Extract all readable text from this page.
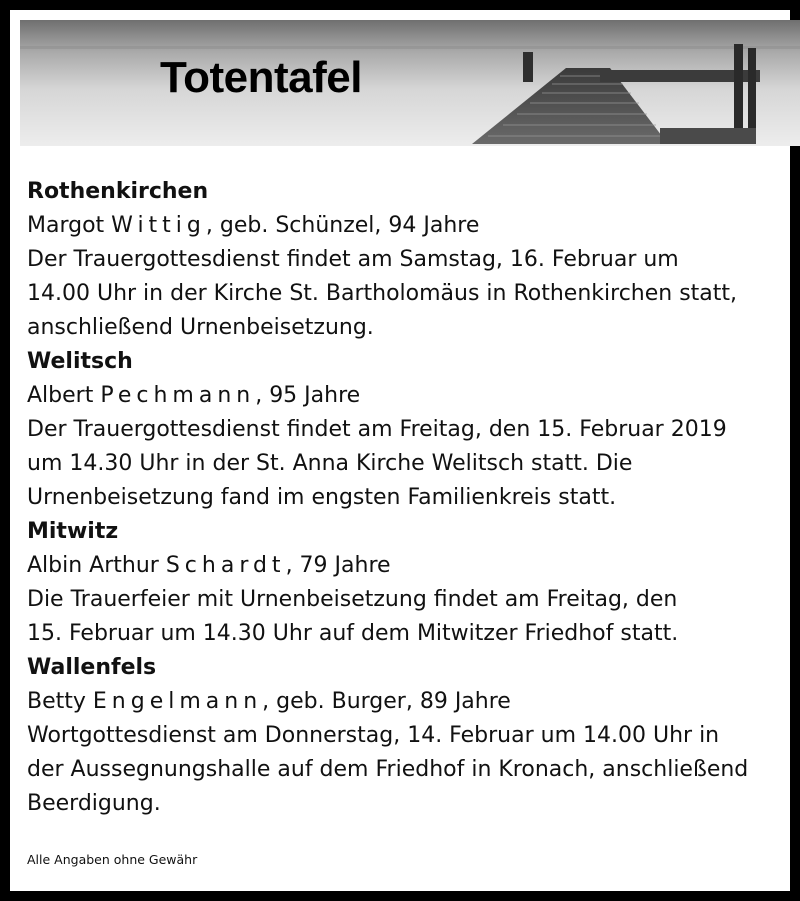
Totentafel

Rothenkirchen

Margot Wittig, geb. Schünzel, 94 Jahre

Der Trauergottesdienst findet am Samstag, 16. Februar um

14.00 Uhr in der Kirche St. Bartholomäus in Rothenkirchen statt,

anschließend Urnenbeisetzung.

Welitsch

Albert Pechmann, 95 Jahre

Der Trauergottesdienst findet am Freitag, den 15. Februar 2019

um 14.30 Uhr in der St. Anna Kirche Welitsch statt. Die

Urnenbeisetzung fand im engsten Familienkreis statt.

Mitwitz

Albin Arthur Schardt, 79 Jahre

Die Trauerfeier mit Urnenbeisetzung findet am Freitag, den

15. Februar um 14.30 Uhr auf dem Mitwitzer Friedhof statt.

Wallenfels

Betty Engelmann, geb. Burger, 89 Jahre

Wortgottesdienst am Donnerstag, 14. Februar um 14.00 Uhr in

der Aussegnungshalle auf dem Friedhof in Kronach, anschließend

Beerdigung.

Alle Angaben ohne Gewähr
